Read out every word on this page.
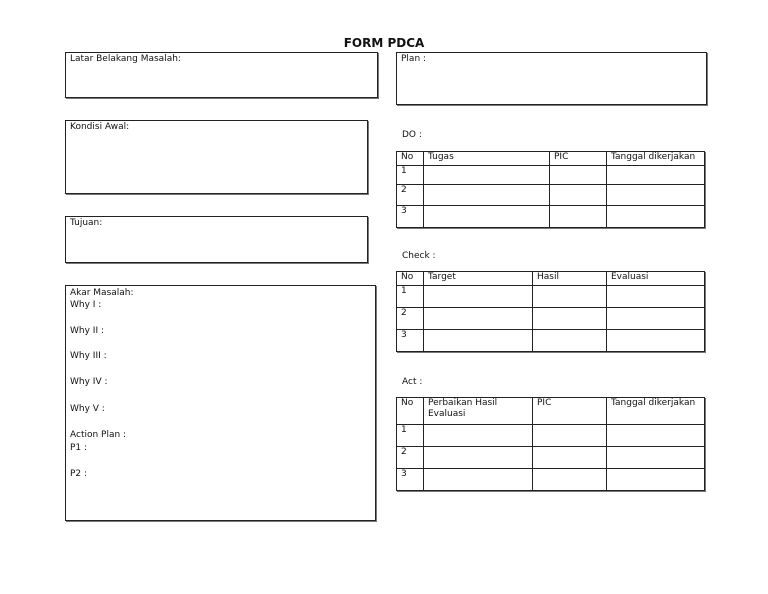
FORM PDCA
Latar Belakang Masalah:
Kondisi Awal:
Tujuan:
Akar Masalah:
Why I :
Why II :
Why III :
Why IV :
Why V :
Action Plan :
P1 :
P2 :
Plan :
DO :
No	Tugas	PIC	Tanggal dikerjakan
1			
2			
3			
Check :
No	Target	Hasil	Evaluasi
1			
2			
3			
Act :
No	Perbaikan Hasil Evaluasi	PIC	Tanggal dikerjakan
1			
2			
3			
